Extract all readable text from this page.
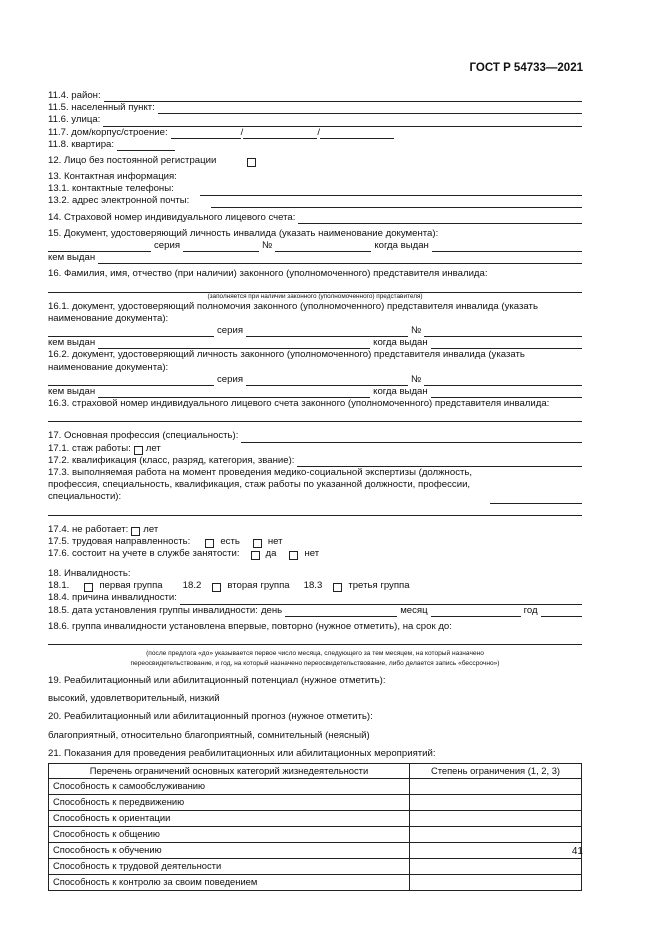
ГОСТ Р 54733—2021
11.4. район:
11.5. населенный пункт:
11.6. улица:
11.7. дом/корпус/строение:	/	/
11.8. квартира:
12. Лицо без постоянной регистрации
13. Контактная информация:
13.1. контактные телефоны:
13.2. адрес электронной почты:
14. Страховой номер индивидуального лицевого счета:
15. Документ, удостоверяющий личность инвалида (указать наименование документа):
серия	№	когда выдан
кем выдан
16. Фамилия, имя, отчество (при наличии) законного (уполномоченного) представителя инвалида:
(заполняется при наличии законного (уполномоченного) представителя)
16.1. документ, удостоверяющий полномочия законного (уполномоченного) представителя инвалида (указать наименование документа):
серия	№
кем выдан	когда выдан
16.2. документ, удостоверяющий личность законного (уполномоченного) представителя инвалида (указать наименование документа):
серия	№
кем выдан	когда выдан
16.3. страховой номер индивидуального лицевого счета законного (уполномоченного) представителя инвалида:
17. Основная профессия (специальность):
17.1. стаж работы: лет
17.2. квалификация (класс, разряд, категория, звание):
17.3. выполняемая работа на момент проведения медико-социальной экспертизы (должность, профессия, специальность, квалификация, стаж работы по указанной должности, профессии, специальности):
17.4. не работает: лет
17.5. трудовая направленность:	есть	нет
17.6. состоит на учете в службе занятости:	да	нет
18. Инвалидность:
18.1.	первая группа 18.2	вторая группа 18.3	третья группа
18.4. причина инвалидности:
18.5. дата установления группы инвалидности: день	месяц	год
18.6. группа инвалидности установлена впервые, повторно (нужное отметить), на срок до:
(после предлога «до» указывается первое число месяца, следующего за тем месяцем, на который назначено
переосвидетельствование, и год, на который назначено переосвидетельствование, либо делается запись «бессрочно»)
19. Реабилитационный или абилитационный потенциал (нужное отметить):
высокий, удовлетворительный, низкий
20. Реабилитационный или абилитационный прогноз (нужное отметить):
благоприятный, относительно благоприятный, сомнительный (неясный)
21. Показания для проведения реабилитационных или абилитационных мероприятий:
Перечень ограничений основных категорий жизнедеятельности	Степень ограничения (1, 2, 3)
Способность к самообслуживанию	
Способность к передвижению	
Способность к ориентации	
Способность к общению	
Способность к обучению	
Способность к трудовой деятельности	
Способность к контролю за своим поведением	
41
